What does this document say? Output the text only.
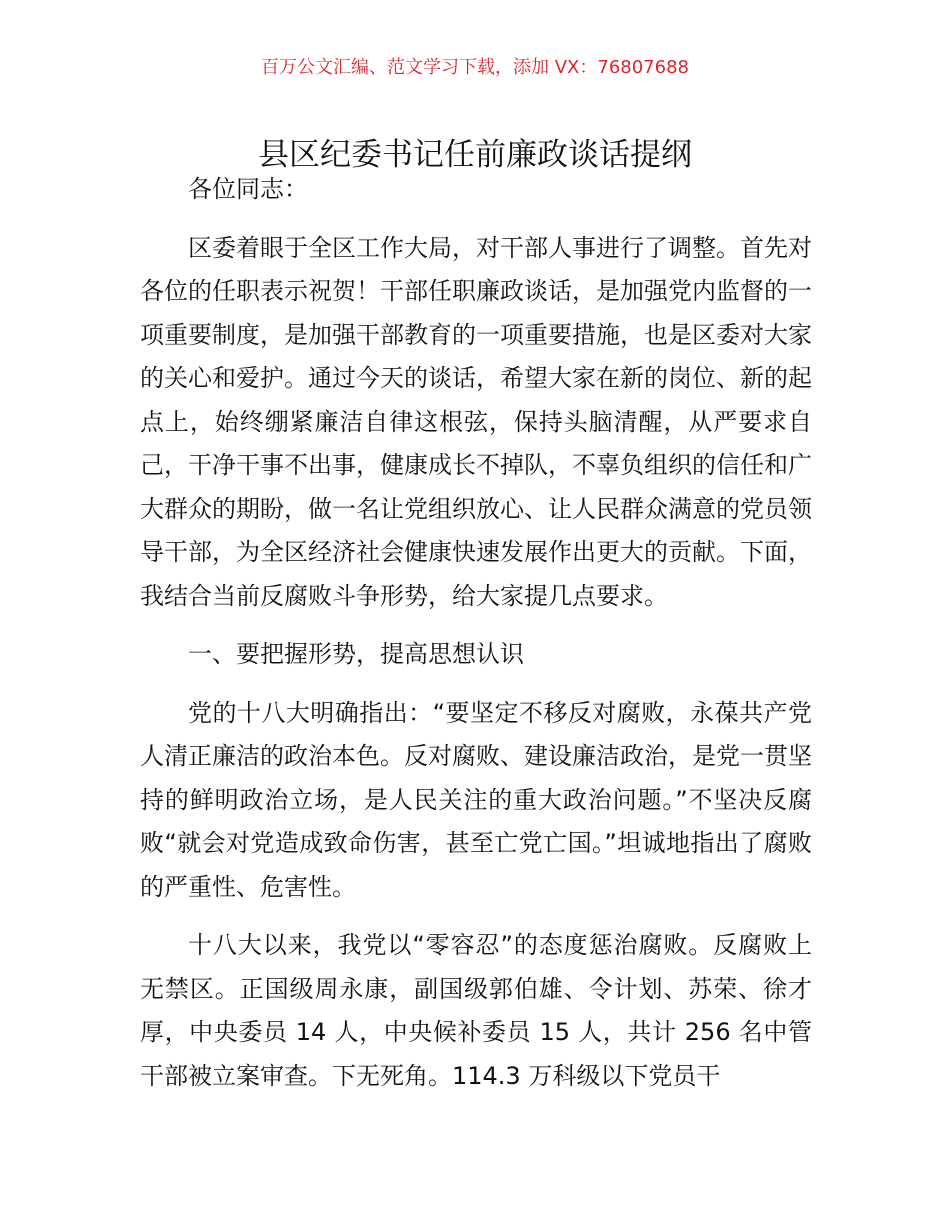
百万公文汇编、范文学习下载，添加 VX：76807688
县区纪委书记任前廉政谈话提纲

各位同志：

区委着眼于全区工作大局，对干部人事进行了调整。首先对各位的任职表示祝贺！干部任职廉政谈话，是加强党内监督的一项重要制度，是加强干部教育的一项重要措施，也是区委对大家的关心和爱护。通过今天的谈话，希望大家在新的岗位、新的起点上，始终绷紧廉洁自律这根弦，保持头脑清醒，从严要求自己，干净干事不出事，健康成长不掉队，不辜负组织的信任和广大群众的期盼，做一名让党组织放心、让人民群众满意的党员领导干部，为全区经济社会健康快速发展作出更大的贡献。下面，我结合当前反腐败斗争形势，给大家提几点要求。

一、要把握形势，提高思想认识

党的十八大明确指出：“要坚定不移反对腐败，永葆共产党人清正廉洁的政治本色。反对腐败、建设廉洁政治，是党一贯坚持的鲜明政治立场，是人民关注的重大政治问题。”不坚决反腐败“就会对党造成致命伤害，甚至亡党亡国。”坦诚地指出了腐败的严重性、危害性。

十八大以来，我党以“零容忍”的态度惩治腐败。反腐败上无禁区。正国级周永康，副国级郭伯雄、令计划、苏荣、徐才厚，中央委员 14 人，中央候补委员 15 人，共计 256 名中管干部被立案审查。下无死角。114.3 万科级以下党员干
